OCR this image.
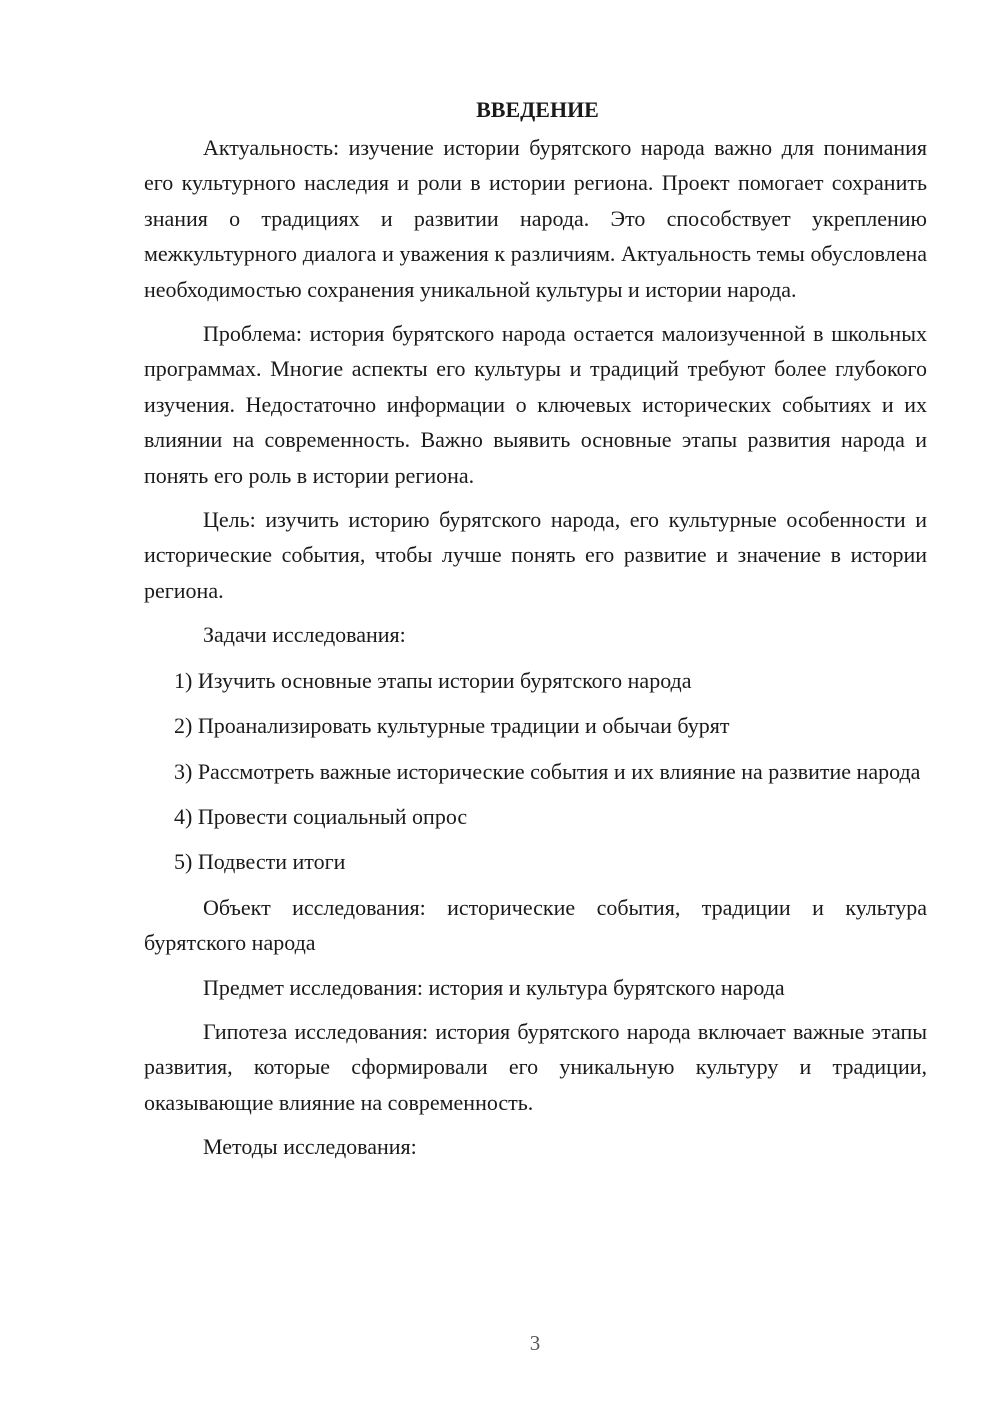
ВВЕДЕНИЕ

Актуальность: изучение истории бурятского народа важно для понимания его культурного наследия и роли в истории региона. Проект помогает сохранить знания о традициях и развитии народа. Это способствует укреплению межкультурного диалога и уважения к различиям. Актуальность темы обусловлена необходимостью сохранения уникальной культуры и истории народа.

Проблема: история бурятского народа остается малоизученной в школьных программах. Многие аспекты его культуры и традиций требуют более глубокого изучения. Недостаточно информации о ключевых исторических событиях и их влиянии на современность. Важно выявить основные этапы развития народа и понять его роль в истории региона.

Цель: изучить историю бурятского народа, его культурные особенности и исторические события, чтобы лучше понять его развитие и значение в истории региона.

Задачи исследования:

1) Изучить основные этапы истории бурятского народа

2) Проанализировать культурные традиции и обычаи бурят

3) Рассмотреть важные исторические события и их влияние на развитие народа

4) Провести социальный опрос

5) Подвести итоги

Объект исследования: исторические события, традиции и культура бурятского народа

Предмет исследования: история и культура бурятского народа

Гипотеза исследования: история бурятского народа включает важные этапы развития, которые сформировали его уникальную культуру и традиции, оказывающие влияние на современность.

Методы исследования:

3
